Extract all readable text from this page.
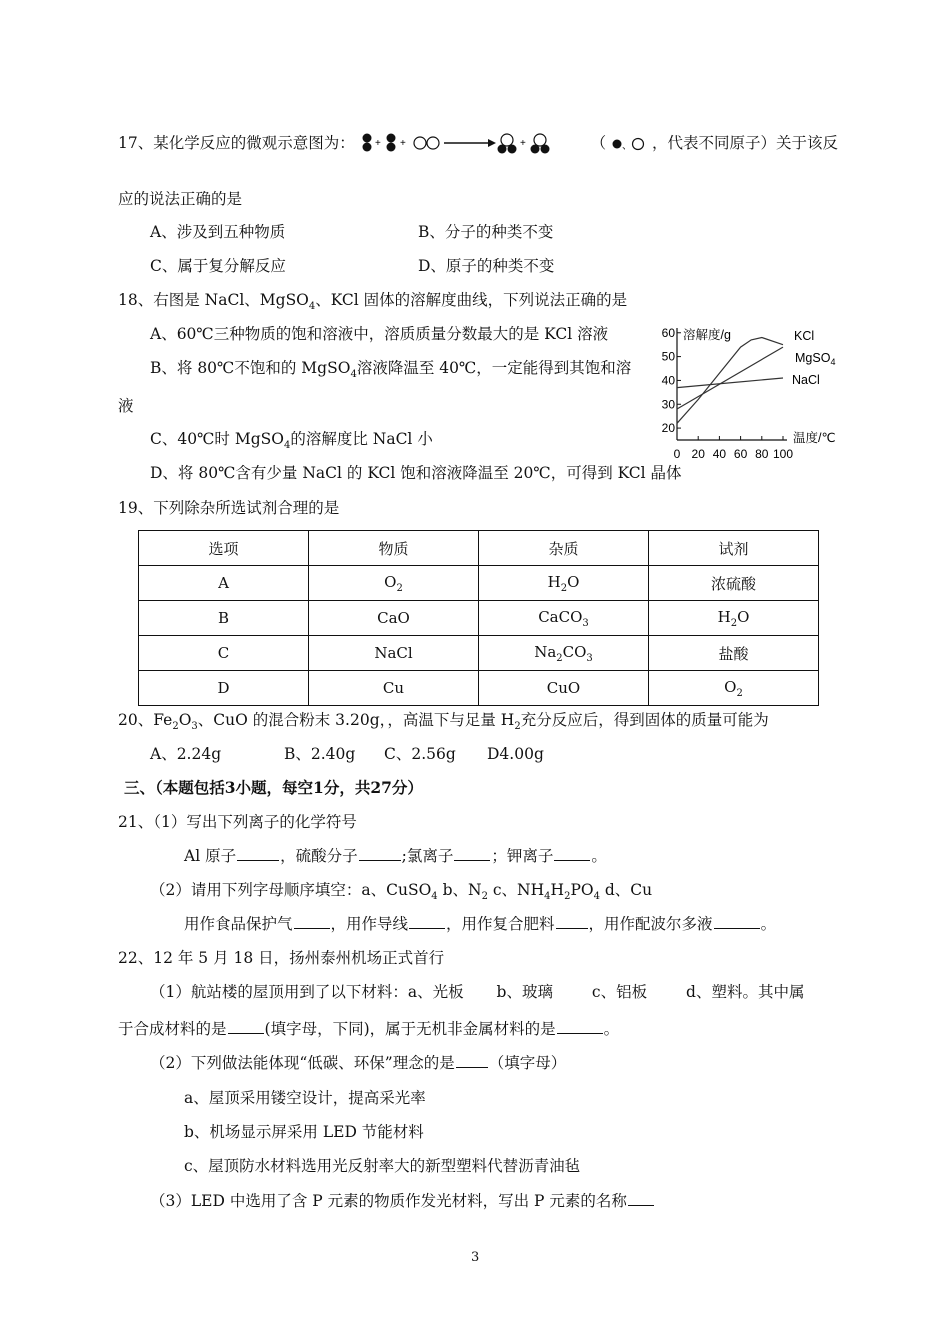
17、某化学反应的微观示意图为： + +	+	（ 、 ，代表不同原子）关于该反
应的说法正确的是
A、涉及到五种物质	B、分子的种类不变
C、属于复分解反应	D、原子的种类不变
18、右图是 NaCl、MgSO$_4$、KCl 固体的溶解度曲线，下列说法正确的是
A、60℃三种物质的饱和溶液中，溶质质量分数最大的是 KCl 溶液
B、将 80℃不饱和的 MgSO$_4$溶液降温至 40℃，一定能得到其饱和溶
液
C、40℃时 MgSO$_4$的溶解度比 NaCl 小
D、将 80℃含有少量 NaCl 的 KCl 饱和溶液降温至 20℃，可得到 KCl 晶体
20
30
40
50
60
0 20 40 60 80 100
溶解度/g
温度/℃
KCl
MgSO$_4$
NaCl
19、下列除杂所选试剂合理的是
选项	物质	杂质	试剂
A	$O_2$	$H_2O$	浓硫酸
B	CaO	CaCO$_3$	$H_2O$
C	NaCl	$Na_2CO_3$	盐酸
D	Cu	CuO	$O_2$
20、$Fe_2O_3$、CuO 的混合粉末 3.20g，，高温下与足量 $H_2$充分反应后，得到固体的质量可能为
A、2.24g	B、2.40g C、2.56g D4.00g
三、（本题包括3小题，每空1分，共27分）
21、（1）写出下列离子的化学符号
Al 原子	，硫酸分子	;氯离子 ；钾离子 。
（2）请用下列字母顺序填空：a、CuSO$_4$ b、$N_2$ c、$NH_4H_2PO_4$ d、Cu
用作食品保护气 ，用作导线 ，用作复合肥料 ，用作配波尔多液	。
22、12 年 5 月 18 日，扬州泰州机场正式首行
（1）航站楼的屋顶用到了以下材料：a、光板 b、玻璃	c、铝板	d、塑料。其中属
于合成材料的是 (填字母，下同)，属于无机非金属材料的是	。
（2）下列做法能体现“低碳、环保”理念的是 （填字母）
a、屋顶采用镂空设计，提高采光率
b、机场显示屏采用 LED 节能材料
c、屋顶防水材料选用光反射率大的新型塑料代替沥青油毡
（3）LED 中选用了含 P 元素的物质作发光材料，写出 P 元素的名称
3
